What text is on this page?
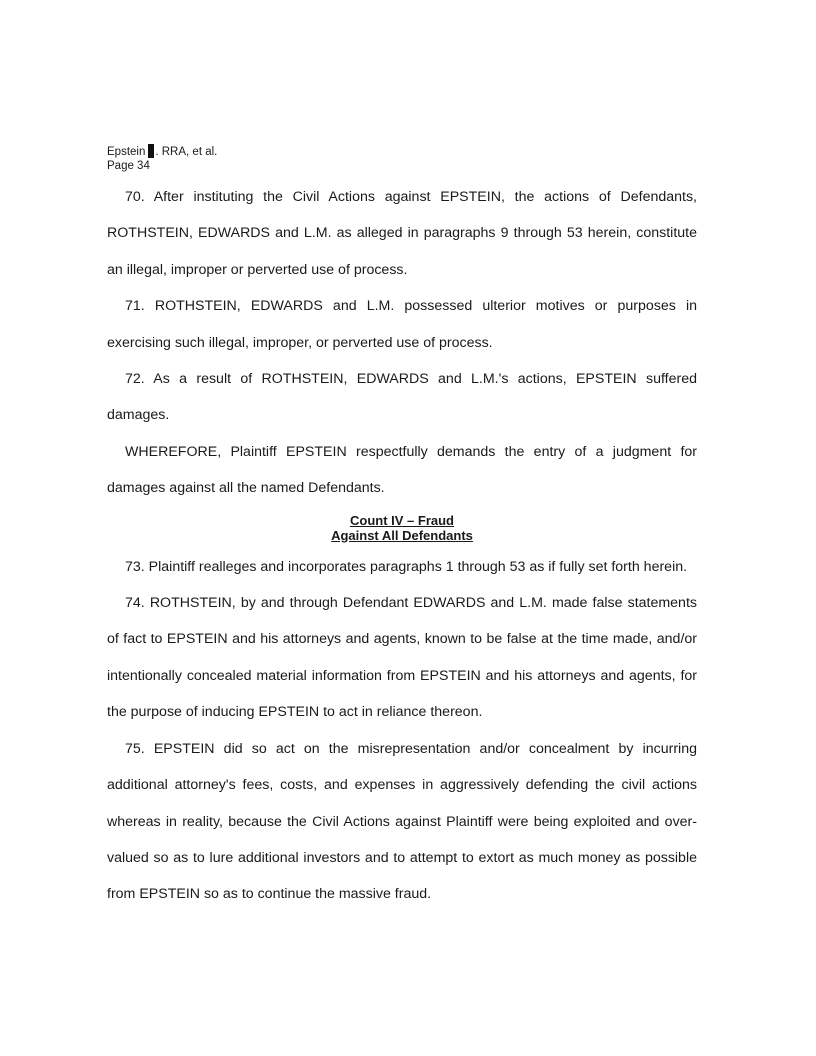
Epstein . RRA, et al.
Page 34

70. After instituting the Civil Actions against EPSTEIN, the actions of Defendants, ROTHSTEIN, EDWARDS and L.M. as alleged in paragraphs 9 through 53 herein, constitute an illegal, improper or perverted use of process.

71. ROTHSTEIN, EDWARDS and L.M. possessed ulterior motives or purposes in exercising such illegal, improper, or perverted use of process.

72. As a result of ROTHSTEIN, EDWARDS and L.M.'s actions, EPSTEIN suffered damages.

WHEREFORE, Plaintiff EPSTEIN respectfully demands the entry of a judgment for damages against all the named Defendants.

Count IV – Fraud
Against All Defendants

73. Plaintiff realleges and incorporates paragraphs 1 through 53 as if fully set forth herein.

74. ROTHSTEIN, by and through Defendant EDWARDS and L.M. made false statements of fact to EPSTEIN and his attorneys and agents, known to be false at the time made, and/or intentionally concealed material information from EPSTEIN and his attorneys and agents, for the purpose of inducing EPSTEIN to act in reliance thereon.

75. EPSTEIN did so act on the misrepresentation and/or concealment by incurring additional attorney's fees, costs, and expenses in aggressively defending the civil actions whereas in reality, because the Civil Actions against Plaintiff were being exploited and over-valued so as to lure additional investors and to attempt to extort as much money as possible from EPSTEIN so as to continue the massive fraud.
